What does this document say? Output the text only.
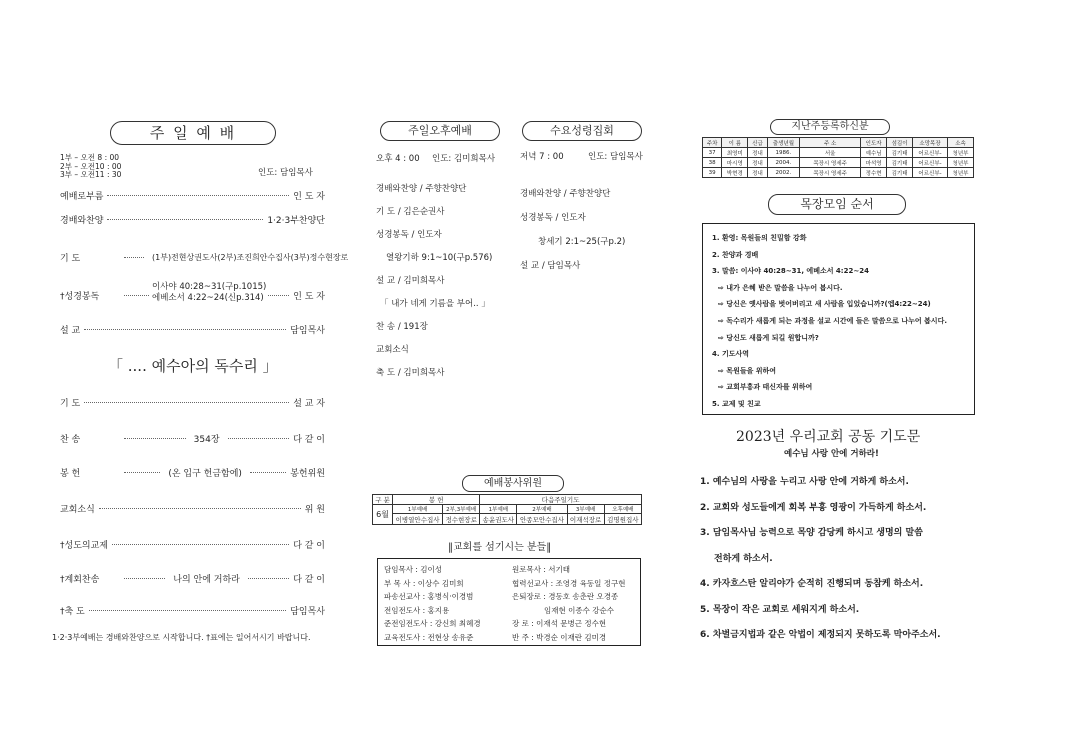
주 일 예 배
1부 – 오전 8 : 00
2부 – 오전10 : 00
3부 – 오전11 : 30	인도: 담임목사
예배로부름	인 도 자
경배와찬양	1·2·3부찬양단
기 도	(1부)전현상권도사(2부)조진희안수집사(3부)정수현장로
†성경봉독	인 도 자
이사야 40:28~31(구p.1015)
에베소서 4:22~24(신p.314)
설 교	담임목사
「 .... 예수아의 독수리 」
기 도	설 교 자
찬 송	354장	다 같 이
봉 헌	(온 입구 헌금함에)	봉헌위원
교회소식	위 원
†성도의교제	다 같 이
†계회찬송	나의 안에 거하라	다 같 이
†축 도	담임목사
1·2·3부예배는 경배와찬양으로 시작합니다. †표에는 일어서시기 바랍니다.
주일오후예배	수요성령집회
오후 4 : 00 인도: 김미희목사
경배와찬양 / 주향찬양단
기 도 / 김은순권사
성경봉독 / 인도자
열왕기하 9:1~10(구p.576)
설 교 / 김미희목사
「 내가 네게 기름을 부어.. 」
찬 송 / 191장
교회소식
축 도 / 김미희목사
저녁 7 : 00	인도: 담임목사
경배와찬양 / 주향찬양단
성경봉독 / 인도자
창세기 2:1~25(구p.2)
설 교 / 담임목사
예배봉사위원
구 분	봉 헌		다음주일기도			
6월	1부예배	2부,3부예배	1부예배	2부예배	3부예배	오후예배
	이병열안수집사	정수현장로	송윤권도사	안종모안수집사	이재석장로	김명원집사
‖교회를 섬기시는 분들‖
담임목사 : 김이성
부 목 사 : 이상수 김미희
파송선교사 : 홍병식·이경범
전임전도사 : 홍지용
준전임전도사 : 강신희 최혜경
교육전도사 : 전현상 송유준
원로목사 : 서기태
협력선교사 : 조영경 육동일 정구현
은퇴장로 : 경동호 송춘란 오경종
임재현 이종수 강순수
장 로 : 이재석 문병근 정수현
반 주 : 박경순 이재란 김미경
지난주등록하신분
주차	이 름	신급	출생년월	주 소	인도자	섬김이	소망목장	소속
37	최영미	정내	1986.	서울	예수님	김기태	어르신부-	청년부
38	마시영	정내	2004.	목장시 영세주	마석영	김기태	어르신부-	청년부
39	박현경	정내	2002.	목장시 영세주	정수현	김기태	어르신부-	청년부
목장모임 순서
1. 환영: 목원들의 친밀함 강화
2. 찬양과 경배
3. 말씀: 이사야 40:28~31, 에베소서 4:22~24
⇨ 내가 은혜 받은 말씀을 나누어 봅시다.
⇨ 당신은 옛사람을 벗어버리고 새 사람을 입었습니까?(엡4:22~24)
⇨ 독수리가 새롭게 되는 과정을 설교 시간에 들은 말씀으로 나누어 봅시다.
⇨ 당신도 새롭게 되길 원합니까?
4. 기도사역
⇨ 목원들을 위하여
⇨ 교회부흥과 태신자를 위하여
5. 교제 및 친교
2023년 우리교회 공동 기도문
예수님 사랑 안에 거하라!
1. 예수님의 사랑을 누리고 사랑 안에 거하게 하소서.
2. 교회와 성도들에게 회복 부흥 영광이 가득하게 하소서.
3. 담임목사님 능력으로 목양 감당케 하시고 생명의 말씀
전하게 하소서.
4. 카자흐스탄 알리야가 순적히 진행되며 동참케 하소서.
5. 목장이 작은 교회로 세워지게 하소서.
6. 차별금지법과 같은 악법이 제정되지 못하도록 막아주소서.
